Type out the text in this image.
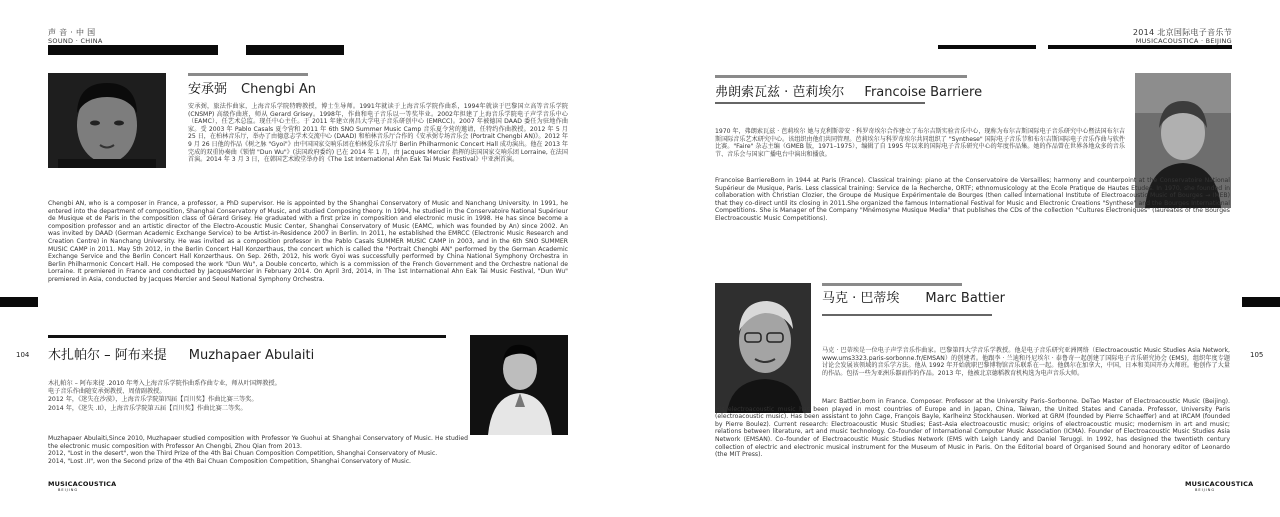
声 音 · 中 国
SOUND · CHINA
2014 北京国际电子音乐节
MUSICACOUSTICA · BEIJING
104	105
安承弼 Chengbi An
安承弼，旅法作曲家，上海音乐学院特聘教授，博士生导师。1991年就读于上海音乐学院作曲系，1994年就读于巴黎国立高等音乐学院 (CNSMP) 高级作曲班，师从 Gerard Grisey。1998年，作曲和电子音乐以一等奖毕业。2002年担建了上海音乐学院电子声学音乐中心（EAMC），任艺术总监。现任中心主任。于 2011 年建立南昌大学电子音乐研创中心 (EMRCC)。2007 年被德国 DAAD 委任为驻地作曲家。受 2003 年 Pablo Casals 夏令营和 2011 年 6th SNO Summer Music Camp 音乐夏令营的邀请，任特约作曲教授。2012 年 5 月 25 日，在柏林音乐厅，举办了由德意志学术交流中心 (DAAD) 和柏林音乐厅合作的《安承弼专场音乐会 (Portrait Chengbi AN)》。2012 年 9 月 26 日他的作品《树之脉 "Gyoi"》由中国国家交响乐团在柏林爱乐音乐厅 Berlin Philharmonic Concert Hall 成功演出。他在 2013 年完成的双重协奏曲《锁情 "Dun Wu"》(法国政府委约) 已在 2014 年 1 月，由 Jacques Mercier 指挥的法国国家交响乐团 Lorraine, 在法国首演。2014 年 3 月 3 日，在韩国艺术殿堂举办的《The 1st International Ahn Eak Tai Music Festival》中亚洲首演。
Chengbi AN, who is a composer in France, a professor, a PhD supervisor. He is appointed by the Shanghai Conservatory of Music and Nanchang University. In 1991, he entered into the department of composition, Shanghai Conservatory of Music, and studied Composing theory. In 1994, he studied in the Conservatoire National Supérieur de Musique et de Paris in the composition class of Gérard Grisey. He graduated with a first prize in composition and electronic music in 1998. He has since become a composition professor and an artistic director of the Electro-Acoustic Music Center, Shanghai Conservatory of Music (EAMC, which was founded by An) since 2002. An was invited by DAAD (German Academic Exchange Service) to be Artist-in-Residence 2007 in Berlin. In 2011, he established the EMRCC (Electronic Music Research and Creation Centre) in Nanchang University. He was invited as a composition professor in the Pablo Casals SUMMER MUSIC CAMP in 2003, and in the 6th SNO SUMMER MUSIC CAMP in 2011. May 5th 2012, in the Berlin Concert Hall Konzerthaus, the concert which is called the "Portrait Chengbi AN" performed by the German Academic Exchange Service and the Berlin Concert Hall Konzerthaus. On Sep. 26th, 2012, his work Gyoi was successfully performed by China National Symphony Orchestra in Berlin Philharmonic Concert Hall. He composed the work "Dun Wu", a Double concerto, which is a commission of the French Government and the Orchestre national de Lorraine. It premiered in France and conducted by JacquesMercier in February 2014. On April 3rd, 2014, in The 1st International Ahn Eak Tai Music Festival, "Dun Wu" premiered in Asia, conducted by Jacques Mercier and Seoul National Symphony Orchestra.
木扎帕尔 – 阿布来提 Muzhapaer Abulaiti

木扎帕尔 – 阿布来提 .2010 年考入上海音乐学院作曲系作曲专业，师从叶国辉教授。

电子音乐作曲随安承弼教授、周倩副教授。

2012 年，《迷失在沙漠》，上海音乐学院第四届【百川奖】作曲比赛三等奖。

2014 年，《迷失 .II》，上海音乐学院第五届【百川奖】作曲比赛二等奖。

Muzhapaer Abulaiti,Since 2010, Muzhapaer studied composition with Professor Ye Guohui at Shanghai Conservatory of Music. He studied the electronic music composition with Professor An Chengbi, Zhou Qian from 2013.

2012, "Lost in the desert", won the Third Prize of the 4th Bai Chuan Composition Competition, Shanghai Conservatory of Music.

2014, "Lost .II", won the Second prize of the 4th Bai Chuan Composition Competition, Shanghai Conservatory of Music.

MUSICACOUSTICA
BEIJING
弗朗索瓦兹 · 芭莉埃尔 Francoise Barriere
1970 年，弗朗索瓦兹 · 芭莉埃尔 她与克利斯蒂安 · 科罗奇埃尔合作建立了布尔吉斯实验音乐中心，现称为布尔吉斯国际电子音乐研究中心暨法国布尔吉斯国际音乐艺术研究中心。该组织由他们共同管理。芭莉埃尔与科罗奇埃尔共同组织了 "Synthese" 国际电子音乐节和布尔吉斯国际电子音乐作曲与软件比赛。"Faire" 杂志主编（GMEB 版，1971–1975），编辑了自 1995 年以来的国际电子音乐研究中心的年度作品集。她的作品曾在世界各地众多的音乐节、音乐会与国家广播电台中演出和播放。
Francoise BarriereBorn in 1944 at Paris (France). Classical training: piano at the Conservatoire de Versailles; harmony and counterpoint at the Conservatoire National Supérieur de Musique, Paris. Less classical training: Service de la Recherche, ORTF; ethnomusicology at the Ecole Pratique de Hautes Etudes. In 1970, she founded in collaboration with Christian Clozier, the Groupe de Musique Expérimentale de Bourges (then called International Institute of Electroacoustic Music of Bourges → IMEB) that they co-direct until its closing in 2011.She organized the famous International Festival for Music and Electronic Creations "Synthese" and the Bourges International Competitions. She is Manager of the Company "Mnémosyne Musique Media" that publishes the CDs of the collection "Cultures Electroniques" (laureates of the Bourges Electroacoustic Music Competitions).
马克 · 巴蒂埃 Marc Battier
马克 · 巴蒂埃是一位电子声学音乐作曲家。巴黎第四大学音乐学教授。他是电子音乐研究亚洲网络（Electroacoustic Music Studies Asia Network, www.ums3323.paris-sorbonne.fr/EMSAN）的创建者。他跟李 · 兰迪和丹尼埃尔 · 泰鲁奇一起创建了国际电子音乐研究协会 (EMS)，组织年度专题讨论会发展该领域的音乐学方法。他从 1992 年开始就职巴黎博物馆音乐联系在一起。他偶尔在加拿大，中国，日本和美国开办大师班。他创作了大量的作品。包括一些为亚洲乐器而作的作品。2013 年，他被北京德稻教育机构选为电声音乐大师。
Marc Battier,born in France. Composer. Professor at the University Paris–Sorbonne. DeTao Master of Electroacoustic Music (Beijing). His electroacoustic music has been played in most countries of Europe and in Japan, China, Taiwan, the United States and Canada. Professor, University Paris (electroacoustic music). Has been assistant to John Cage, François Bayle, Karlheinz Stockhausen. Worked at GRM (founded by Pierre Schaeffer) and at IRCAM (founded by Pierre Boulez). Current research: Electroacoustic Music Studies; East–Asia electroacoustic music; origins of electroacoustic music; modernism in art and music; relations between literature, art and music technology. Co–founder of International Computer Music Association (ICMA). Founder of Electroacoustic Music Studies Asia Network (EMSAN). Co–founder of Electroacoustic Music Studies Network (EMS with Leigh Landy and Daniel Teruggi. In 1992, has designed the twentieth century collection of electric and electronic musical instrument for the Museum of Music in Paris. On the Editorial board of Organised Sound and honorary editor of Leonardo (the MIT Press).
MUSICACOUSTICA
BEIJING
